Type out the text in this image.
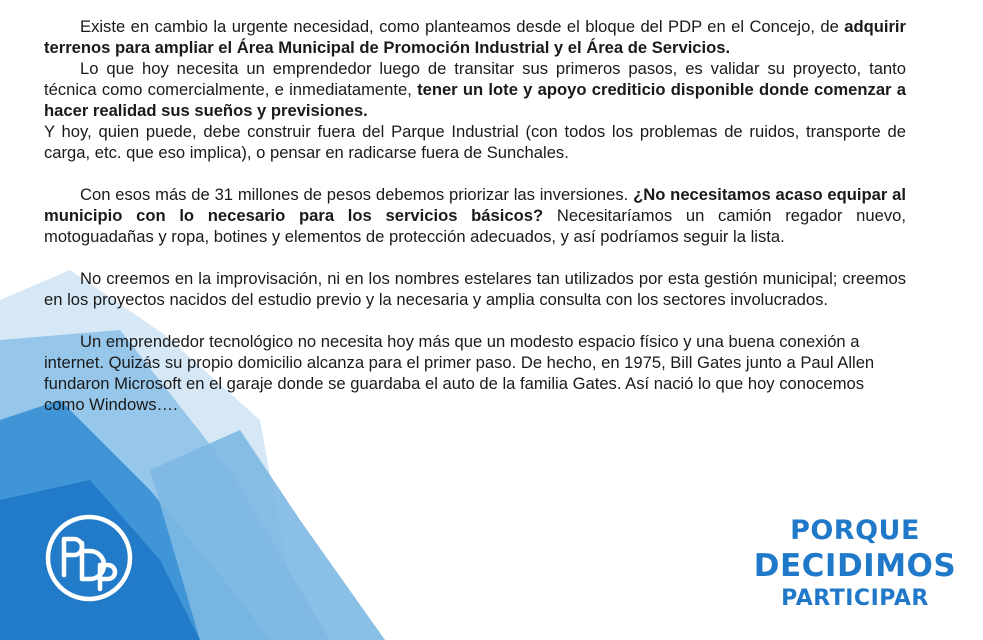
Existe en cambio la urgente necesidad, como planteamos desde el bloque del PDP en el Concejo, de adquirir terrenos para ampliar el Área Municipal de Promoción Industrial y el Área de Servicios.

Lo que hoy necesita un emprendedor luego de transitar sus primeros pasos, es validar su proyecto, tanto técnica como comercialmente, e inmediatamente, tener un lote y apoyo crediticio disponible donde comenzar a hacer realidad sus sueños y previsiones.

Y hoy, quien puede, debe construir fuera del Parque Industrial (con todos los problemas de ruidos, transporte de carga, etc. que eso implica), o pensar en radicarse fuera de Sunchales.

Con esos más de 31 millones de pesos debemos priorizar las inversiones. ¿No necesitamos acaso equipar al municipio con lo necesario para los servicios básicos? Necesitaríamos un camión regador nuevo, motoguadañas y ropa, botines y elementos de protección adecuados, y así podríamos seguir la lista.

No creemos en la improvisación, ni en los nombres estelares tan utilizados por esta gestión municipal; creemos en los proyectos nacidos del estudio previo y la necesaria y amplia consulta con los sectores involucrados.

Un emprendedor tecnológico no necesita hoy más que un modesto espacio físico y una buena conexión a internet. Quizás su propio domicilio alcanza para el primer paso. De hecho, en 1975, Bill Gates junto a Paul Allen fundaron Microsoft en el garaje donde se guardaba el auto de la familia Gates. Así nació lo que hoy conocemos como Windows….

PORQUE
DECIDIMOS
PARTICIPAR
